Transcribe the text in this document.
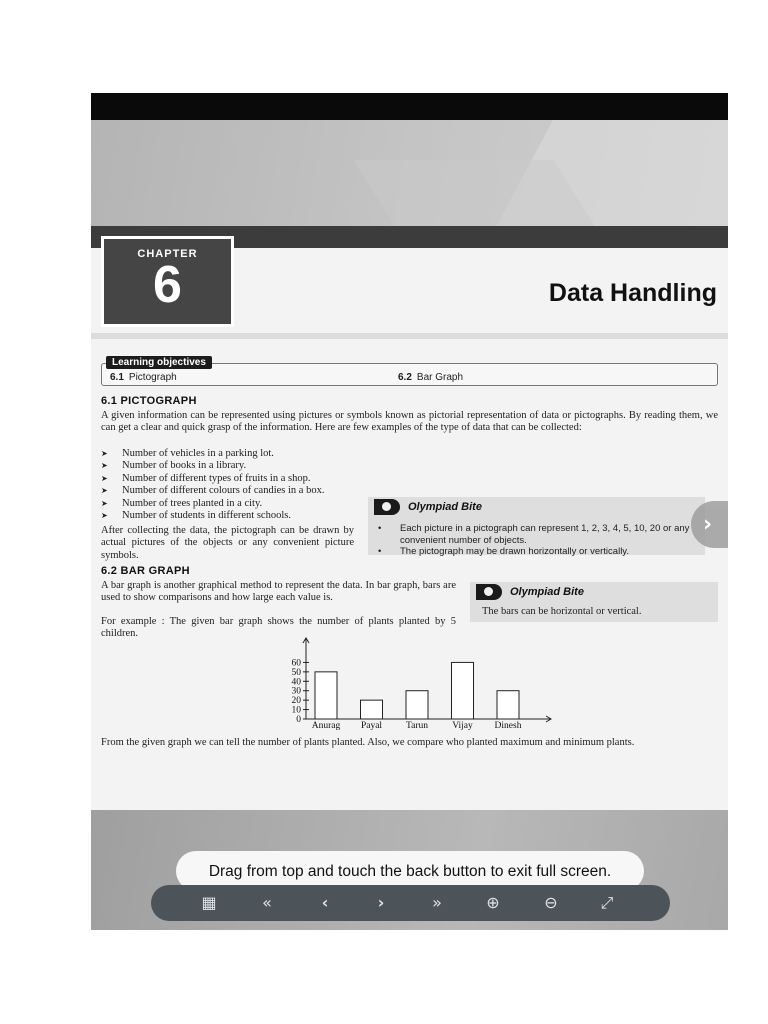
CHAPTER
6	Data Handling
Learning objectives
6.1 Pictograph	6.2 Bar Graph
6.1 PICTOGRAPH

A given information can be represented using pictures or symbols known as pictorial representation of data or pictographs. By reading them, we can get a clear and quick grasp of the information. Here are few examples of the type of data that can be collected:

➤ Number of vehicles in a parking lot.
➤ Number of books in a library.
➤ Number of different types of fruits in a shop.
➤ Number of different colours of candies in a box.
➤ Number of trees planted in a city.
➤ Number of students in different schools.

After collecting the data, the pictograph can be drawn by actual pictures of the objects or any convenient picture symbols.

Olympiad Bite
• Each picture in a pictograph can represent 1, 2, 3, 4, 5, 10, 20 or any convenient number of objects.
• The pictograph may be drawn horizontally or vertically.
6.2 BAR GRAPH

A bar graph is another graphical method to represent the data. In bar graph, bars are used to show comparisons and how large each value is.

For example : The given bar graph shows the number of plants planted by 5 children.

Olympiad Bite
The bars can be horizontal or vertical.
0
10
20
30
40
50
60
Anurag Payal	Tarun	Vijay Dinesh

From the given graph we can tell the number of plants planted. Also, we compare who planted maximum and minimum plants.

›
Drag from top and touch the back button to exit full screen.
▦	«	‹	›	»	⊕	⊖	⤢
